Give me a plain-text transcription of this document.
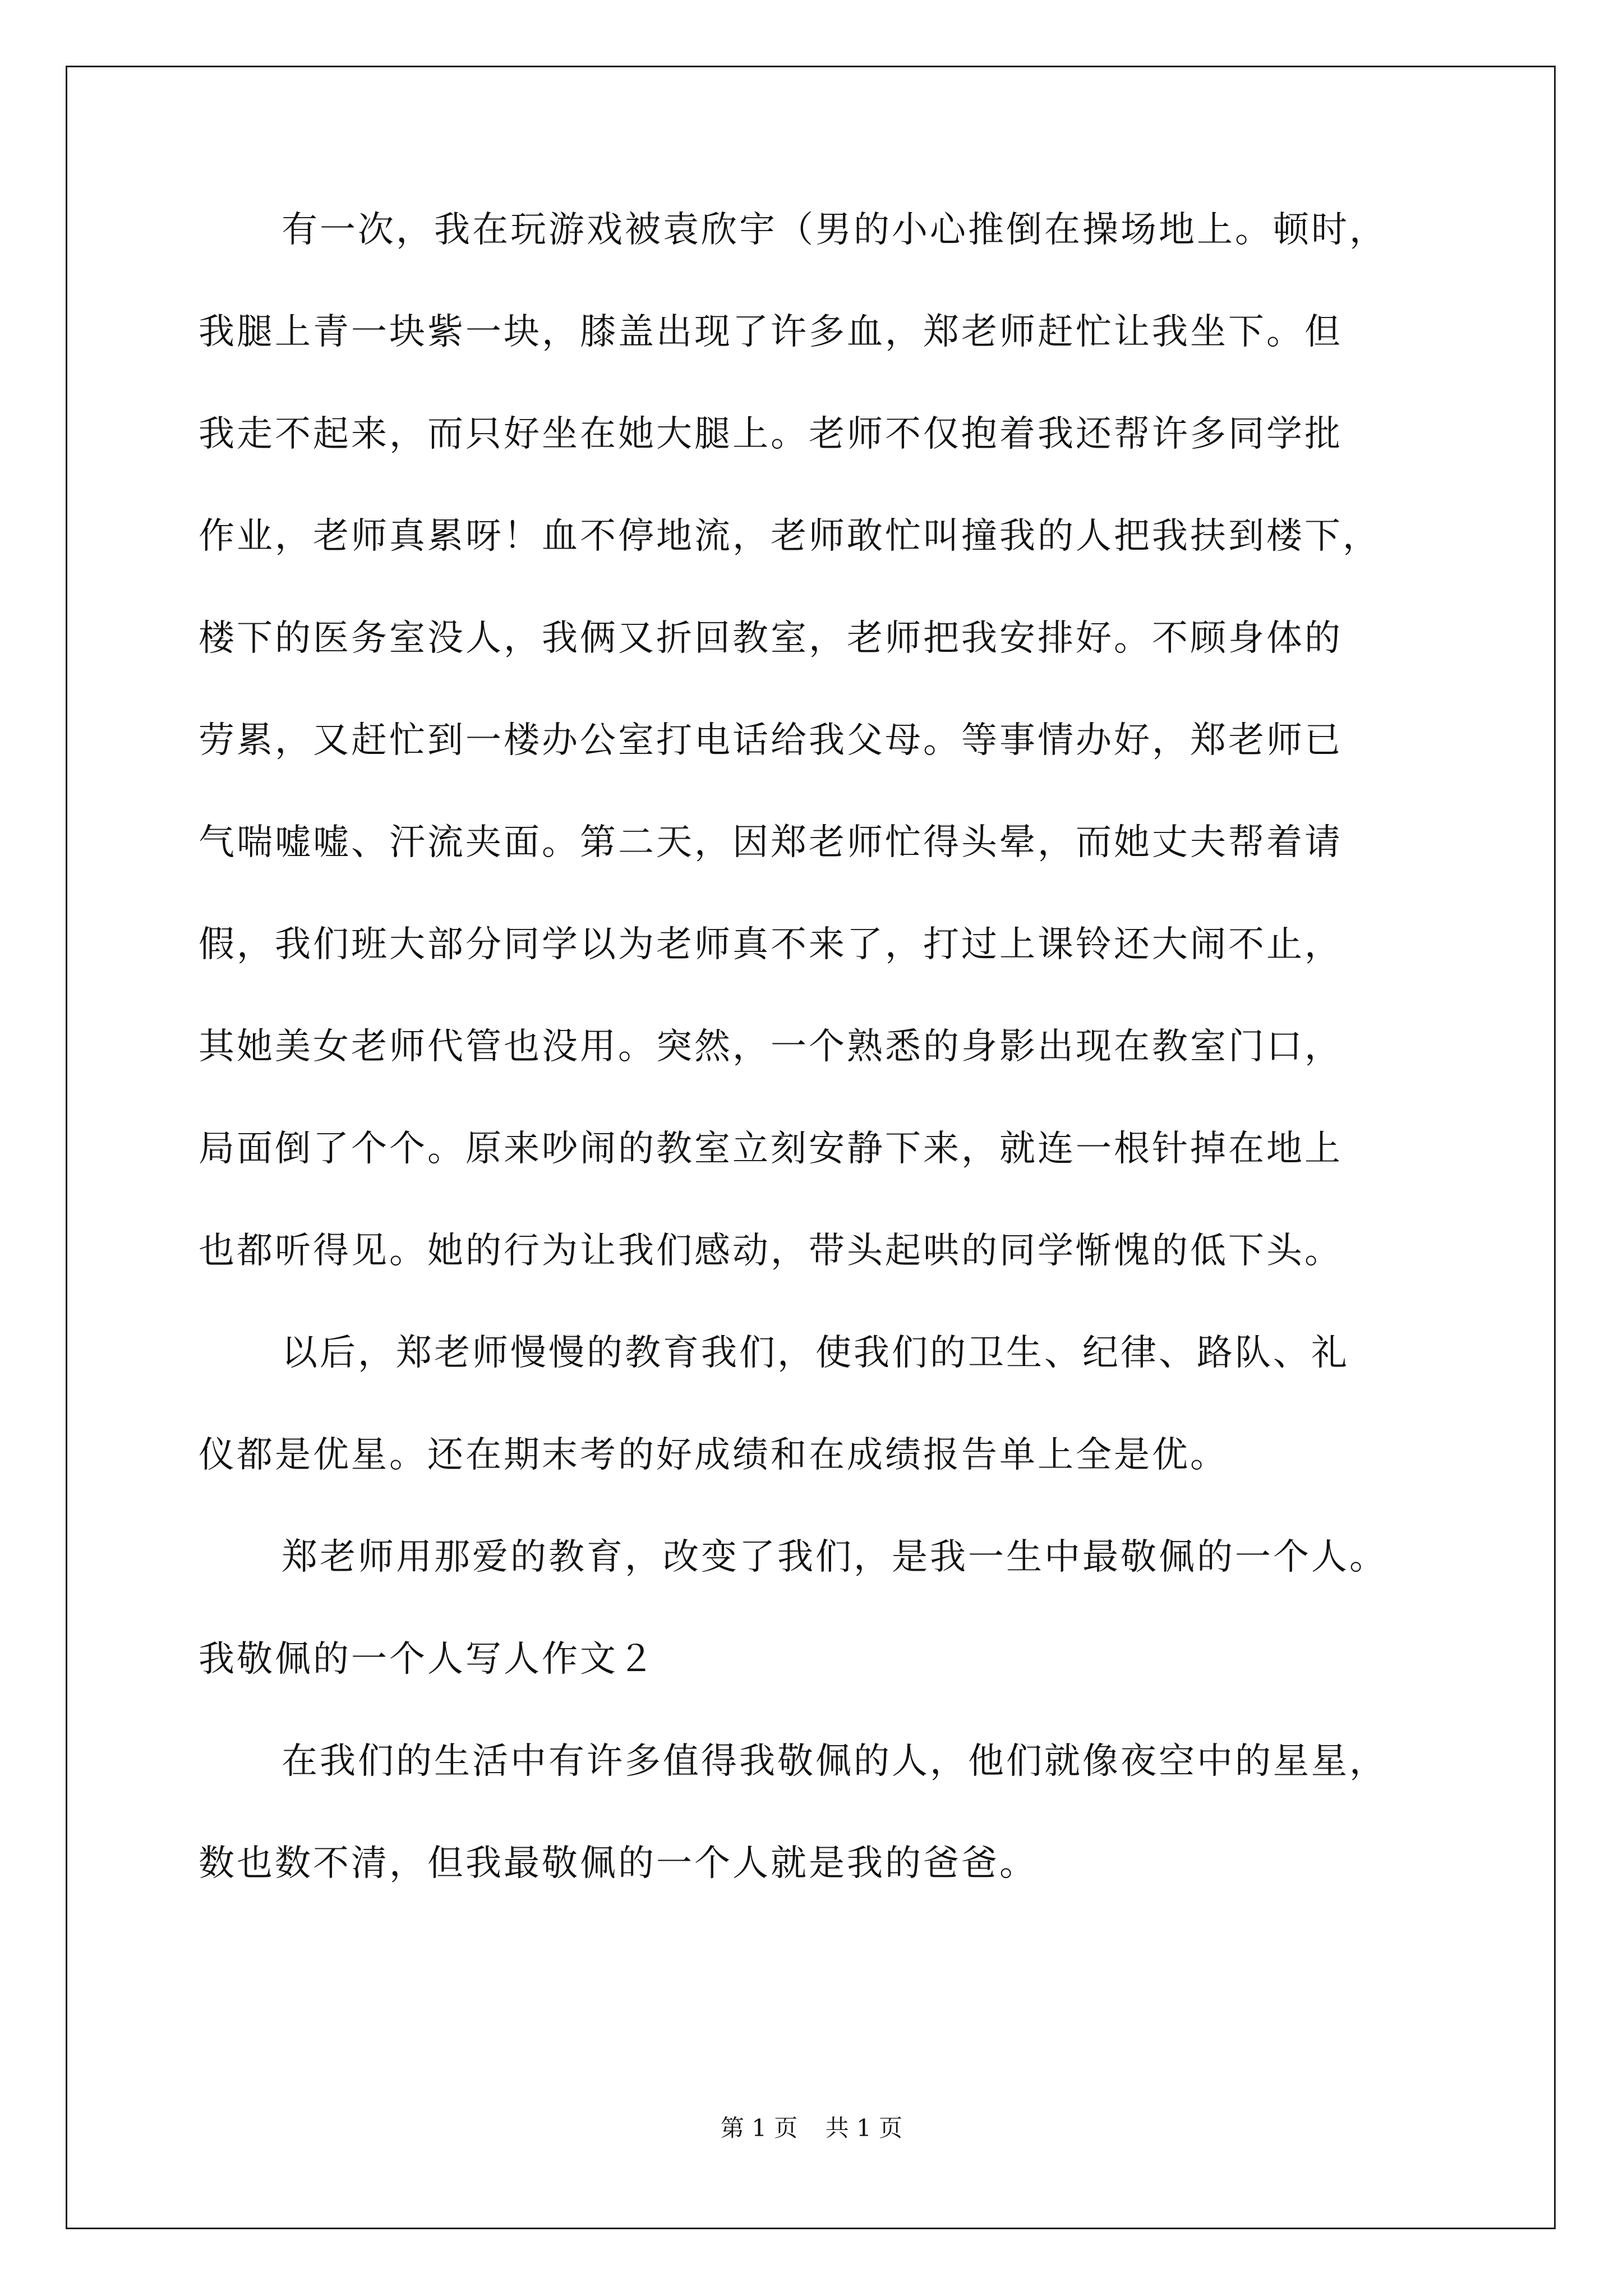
有一次，我在玩游戏被袁欣宇（男的小心推倒在操场地上。顿时，
我腿上青一块紫一块，膝盖出现了许多血，郑老师赶忙让我坐下。但
我走不起来，而只好坐在她大腿上。老师不仅抱着我还帮许多同学批
作业，老师真累呀！血不停地流，老师敢忙叫撞我的人把我扶到楼下，
楼下的医务室没人，我俩又折回教室，老师把我安排好。不顾身体的
劳累，又赶忙到一楼办公室打电话给我父母。等事情办好，郑老师已
气喘嘘嘘、汗流夹面。第二天，因郑老师忙得头晕，而她丈夫帮着请
假，我们班大部分同学以为老师真不来了，打过上课铃还大闹不止，
其她美女老师代管也没用。突然，一个熟悉的身影出现在教室门口，
局面倒了个个。原来吵闹的教室立刻安静下来，就连一根针掉在地上
也都听得见。她的行为让我们感动，带头起哄的同学惭愧的低下头。
以后，郑老师慢慢的教育我们，使我们的卫生、纪律、路队、礼
仪都是优星。还在期末考的好成绩和在成绩报告单上全是优。
郑老师用那爱的教育，改变了我们，是我一生中最敬佩的一个人。
我敬佩的一个人写人作文２
在我们的生活中有许多值得我敬佩的人，他们就像夜空中的星星，
数也数不清，但我最敬佩的一个人就是我的爸爸。
第 1 页 共 1 页
